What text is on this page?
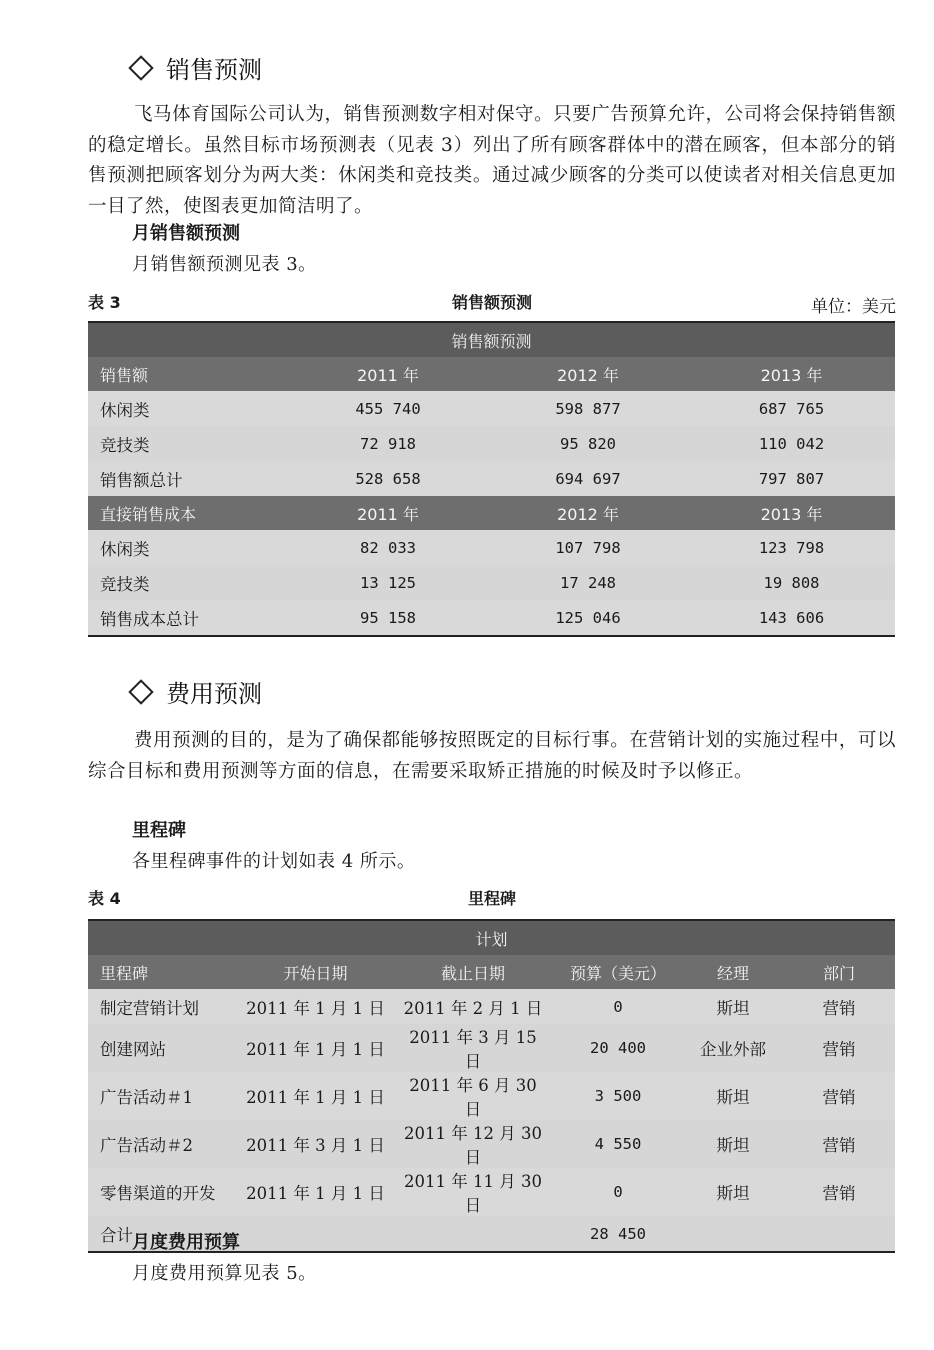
销售预测
飞马体育国际公司认为，销售预测数字相对保守。只要广告预算允许，公司将会保持销售额的稳定增长。虽然目标市场预测表（见表 3）列出了所有顾客群体中的潜在顾客，但本部分的销售预测把顾客划分为两大类：休闲类和竞技类。通过减少顾客的分类可以使读者对相关信息更加一目了然，使图表更加简洁明了。
月销售额预测
月销售额预测见表 3。
表 3	销售额预测	单位：美元
销售额预测			
销售额	2011 年	2012 年	2013 年
休闲类	455 740	598 877	687 765
竞技类	72 918	95 820	110 042
销售额总计	528 658	694 697	797 807
直接销售成本	2011 年	2012 年	2013 年
休闲类	82 033	107 798	123 798
竞技类	13 125	17 248	19 808
销售成本总计	95 158	125 046	143 606
费用预测
费用预测的目的，是为了确保都能够按照既定的目标行事。在营销计划的实施过程中，可以综合目标和费用预测等方面的信息，在需要采取矫正措施的时候及时予以修正。
里程碑
各里程碑事件的计划如表 4 所示。
表 4	里程碑
计划					
里程碑	开始日期	截止日期	预算（美元）	经理	部门
制定营销计划	2011 年 1 月 1 日	2011 年 2 月 1 日	0	斯坦	营销
创建网站	2011 年 1 月 1 日	2011 年 3 月 15 日	20 400	企业外部	营销
广告活动＃1	2011 年 1 月 1 日	2011 年 6 月 30 日	3 500	斯坦	营销
广告活动＃2	2011 年 3 月 1 日	2011 年 12 月 30 日	4 550	斯坦	营销
零售渠道的开发	2011 年 1 月 1 日	2011 年 11 月 30 日	0	斯坦	营销
合计			28 450		
月度费用预算
月度费用预算见表 5。
